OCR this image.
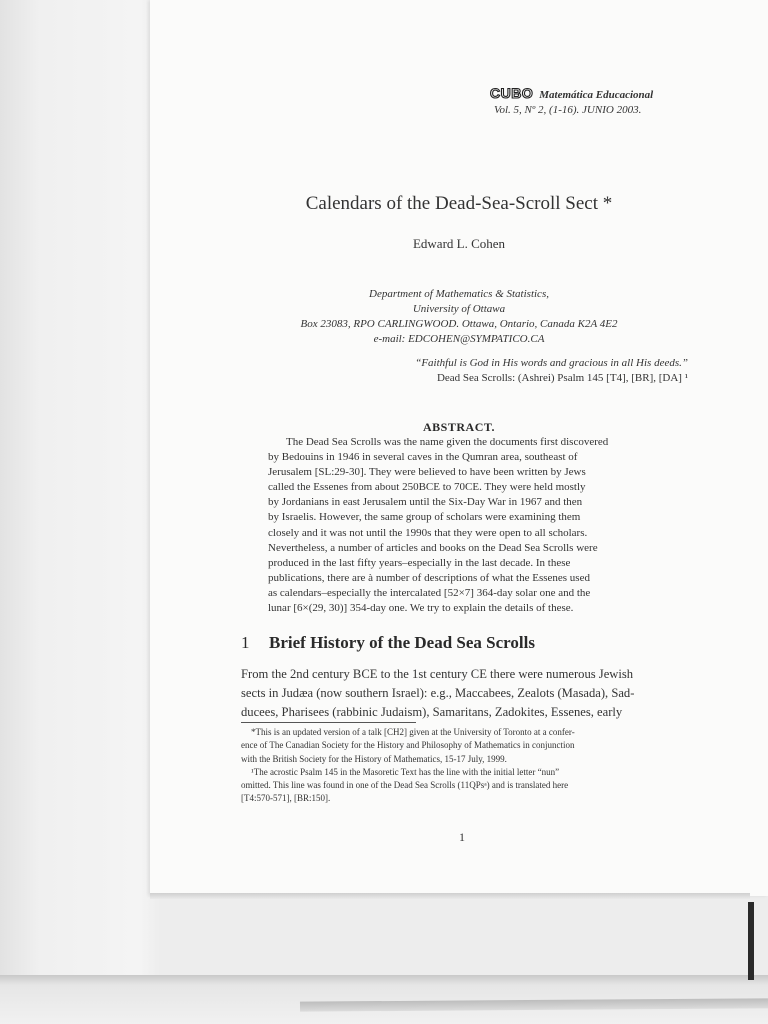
CUBO Matemática Educacional
Vol. 5, Nº 2, (1-16). JUNIO 2003.
Calendars of the Dead-Sea-Scroll Sect *
Edward L. Cohen
Department of Mathematics & Statistics,
University of Ottawa
Box 23083, RPO CARLINGWOOD. Ottawa, Ontario, Canada K2A 4E2
e-mail: EDCOHEN@SYMPATICO.CA
“Faithful is God in His words and gracious in all His deeds.”
Dead Sea Scrolls: (Ashrei) Psalm 145 [T4], [BR], [DA] ¹
ABSTRACT.
The Dead Sea Scrolls was the name given the documents first discovered
by Bedouins in 1946 in several caves in the Qumran area, southeast of
Jerusalem [SL:29-30]. They were believed to have been written by Jews
called the Essenes from about 250BCE to 70CE. They were held mostly
by Jordanians in east Jerusalem until the Six-Day War in 1967 and then
by Israelis. However, the same group of scholars were examining them
closely and it was not until the 1990s that they were open to all scholars.
Nevertheless, a number of articles and books on the Dead Sea Scrolls were
produced in the last fifty years–especially in the last decade. In these
publications, there are à number of descriptions of what the Essenes used
as calendars–especially the intercalated [52×7] 364-day solar one and the
lunar [6×(29, 30)] 354-day one. We try to explain the details of these.
1 Brief History of the Dead Sea Scrolls
From the 2nd century BCE to the 1st century CE there were numerous Jewish
sects in Judæa (now southern Israel): e.g., Maccabees, Zealots (Masada), Sad-
ducees, Pharisees (rabbinic Judaism), Samaritans, Zadokites, Essenes, early
*This is an updated version of a talk [CH2] given at the University of Toronto at a confer-
ence of The Canadian Society for the History and Philosophy of Mathematics in conjunction
with the British Society for the History of Mathematics, 15-17 July, 1999.
¹The acrostic Psalm 145 in the Masoretic Text has the line with the initial letter “nun”
omitted. This line was found in one of the Dead Sea Scrolls (11QPsᵃ) and is translated here
[T4:570-571], [BR:150].
1
